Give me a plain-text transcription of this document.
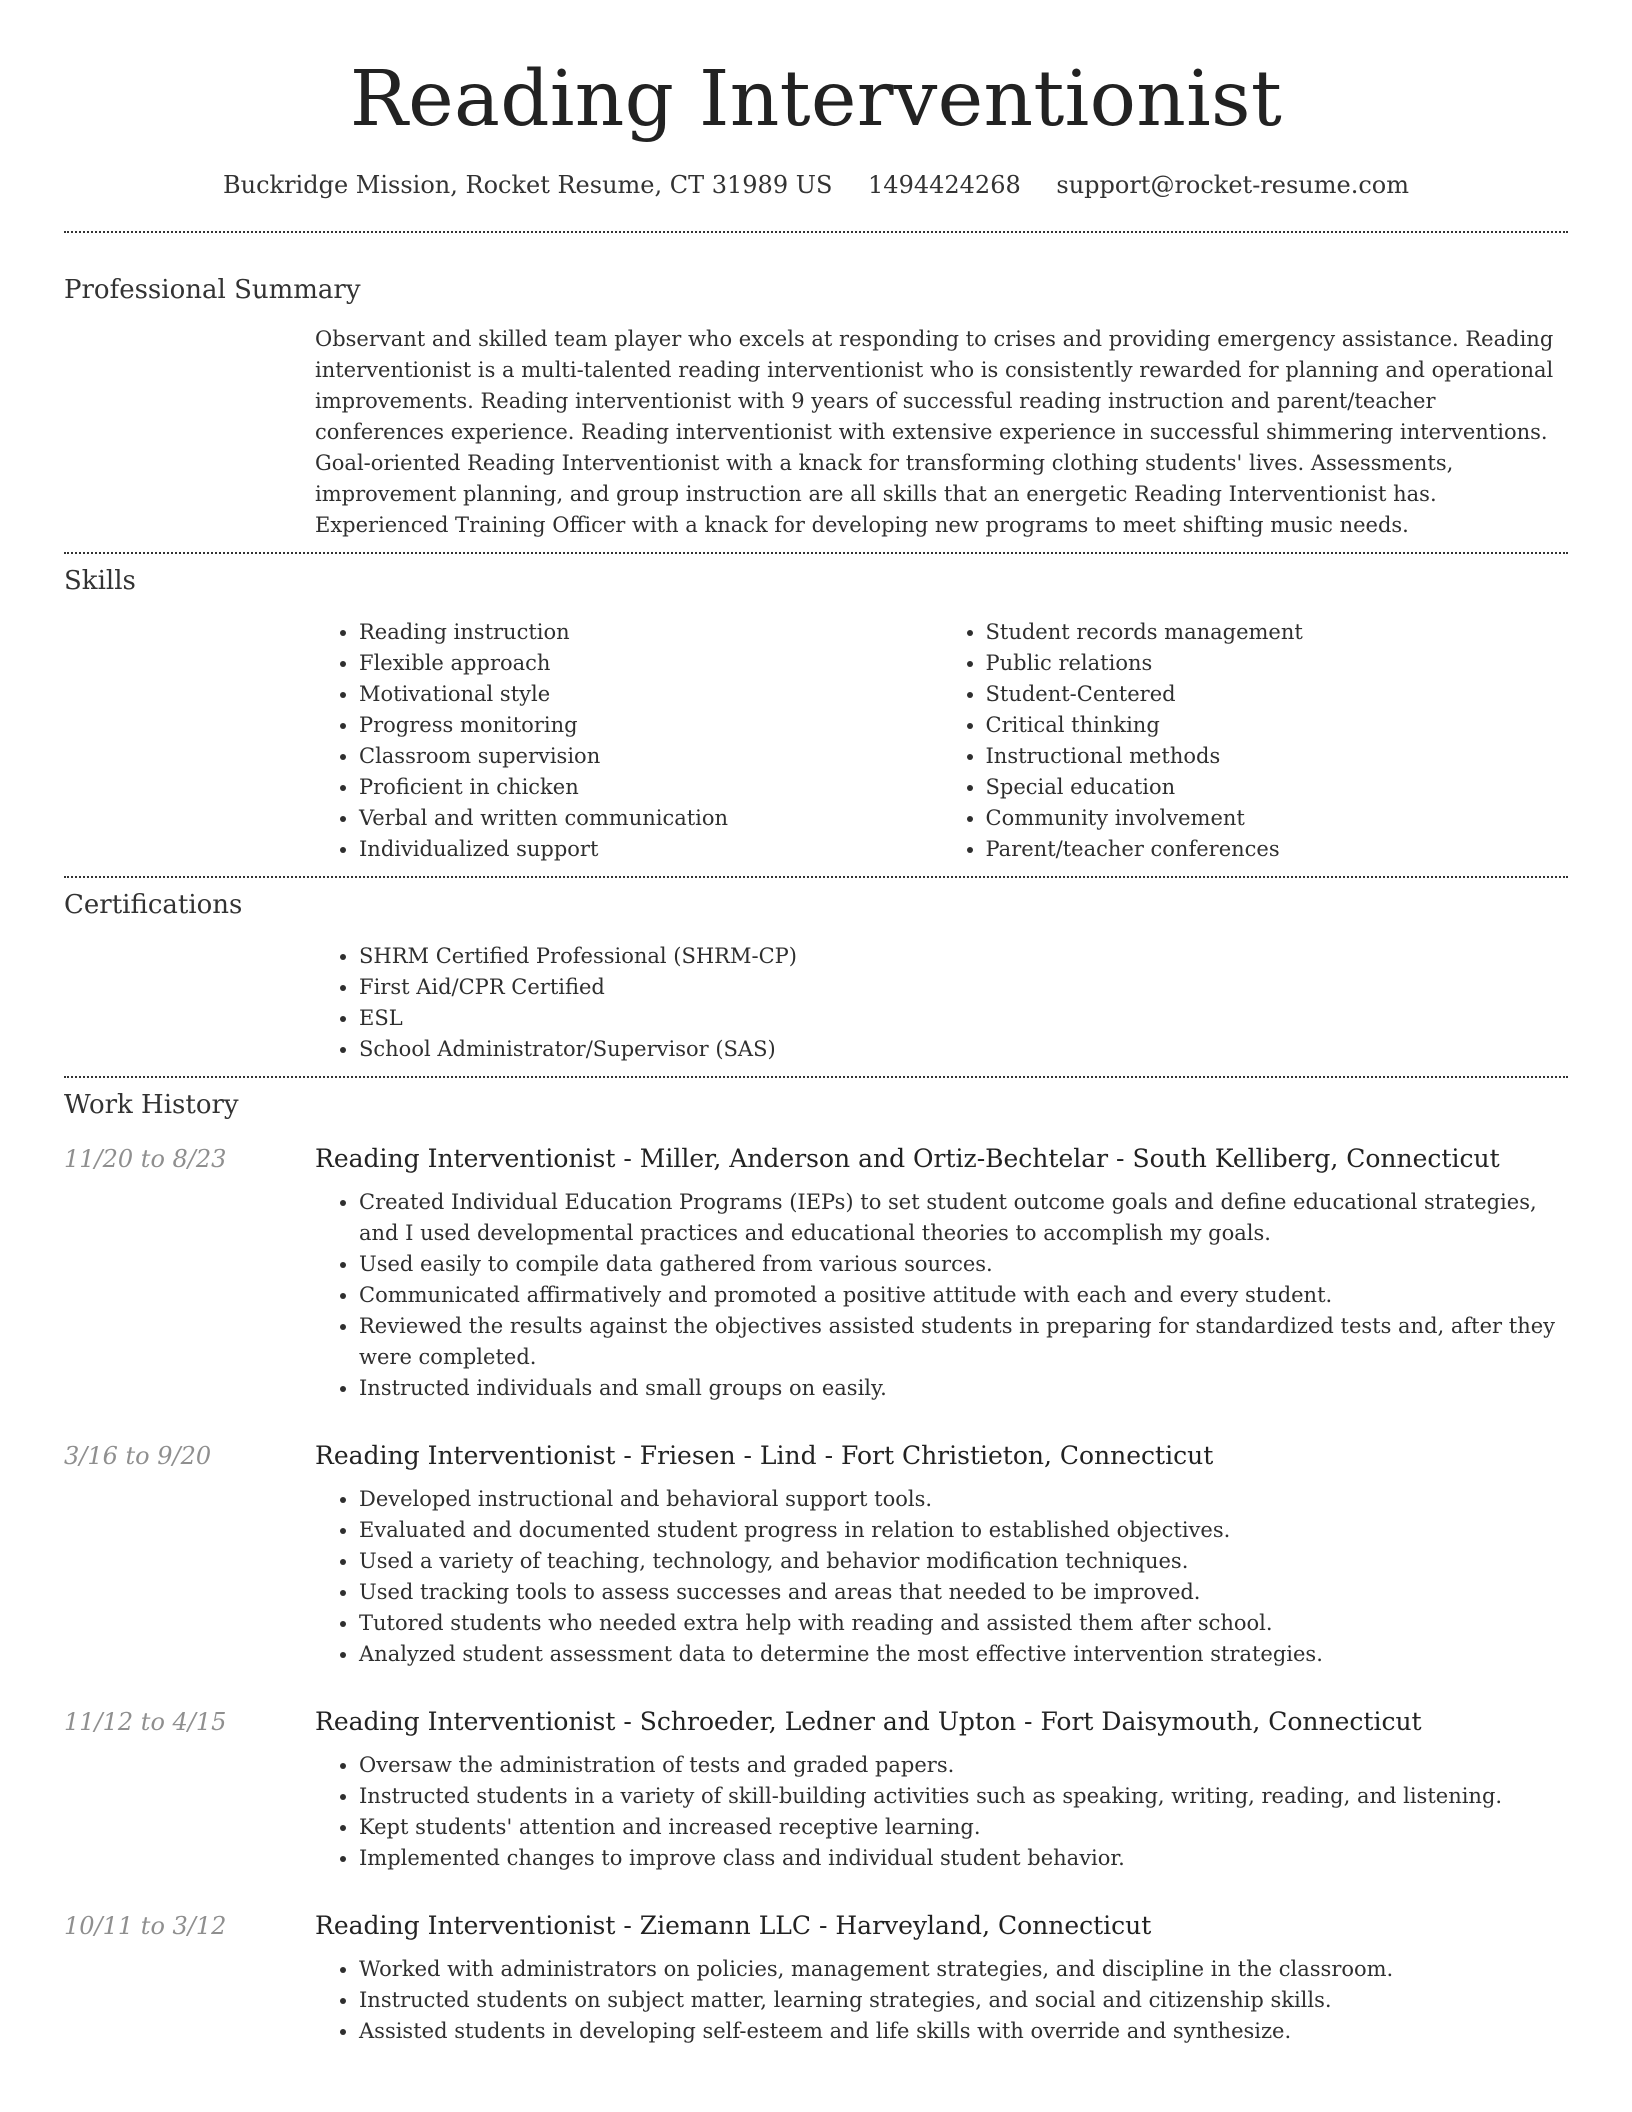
Reading Interventionist
Buckridge Mission, Rocket Resume, CT 31989 US 1494424268 support@rocket-resume.com
Professional Summary
Observant and skilled team player who excels at responding to crises and providing emergency assistance. Reading interventionist is a multi-talented reading interventionist who is consistently rewarded for planning and operational improvements. Reading interventionist with 9 years of successful reading instruction and parent/teacher conferences experience. Reading interventionist with extensive experience in successful shimmering interventions. Goal-oriented Reading Interventionist with a knack for transforming clothing students' lives. Assessments, improvement planning, and group instruction are all skills that an energetic Reading Interventionist has. Experienced Training Officer with a knack for developing new programs to meet shifting music needs.
Skills
• Reading instruction
• Flexible approach
• Motivational style
• Progress monitoring
• Classroom supervision
• Proficient in chicken
• Verbal and written communication
• Individualized support
• Student records management
• Public relations
• Student-Centered
• Critical thinking
• Instructional methods
• Special education
• Community involvement
• Parent/teacher conferences
Certifications
• SHRM Certified Professional (SHRM-CP)
• First Aid/CPR Certified
• ESL
• School Administrator/Supervisor (SAS)
Work History
11/20 to 8/23	Reading Interventionist - Miller, Anderson and Ortiz-Bechtelar - South Kelliberg, Connecticut
• Created Individual Education Programs (IEPs) to set student outcome goals and define educational strategies, and I used developmental practices and educational theories to accomplish my goals.
• Used easily to compile data gathered from various sources.
• Communicated affirmatively and promoted a positive attitude with each and every student.
• Reviewed the results against the objectives assisted students in preparing for standardized tests and, after they were completed.
• Instructed individuals and small groups on easily.
3/16 to 9/20	Reading Interventionist - Friesen - Lind - Fort Christieton, Connecticut
• Developed instructional and behavioral support tools.
• Evaluated and documented student progress in relation to established objectives.
• Used a variety of teaching, technology, and behavior modification techniques.
• Used tracking tools to assess successes and areas that needed to be improved.
• Tutored students who needed extra help with reading and assisted them after school.
• Analyzed student assessment data to determine the most effective intervention strategies.
11/12 to 4/15	Reading Interventionist - Schroeder, Ledner and Upton - Fort Daisymouth, Connecticut
• Oversaw the administration of tests and graded papers.
• Instructed students in a variety of skill-building activities such as speaking, writing, reading, and listening.
• Kept students' attention and increased receptive learning.
• Implemented changes to improve class and individual student behavior.
10/11 to 3/12	Reading Interventionist - Ziemann LLC - Harveyland, Connecticut
• Worked with administrators on policies, management strategies, and discipline in the classroom.
• Instructed students on subject matter, learning strategies, and social and citizenship skills.
• Assisted students in developing self-esteem and life skills with override and synthesize.
